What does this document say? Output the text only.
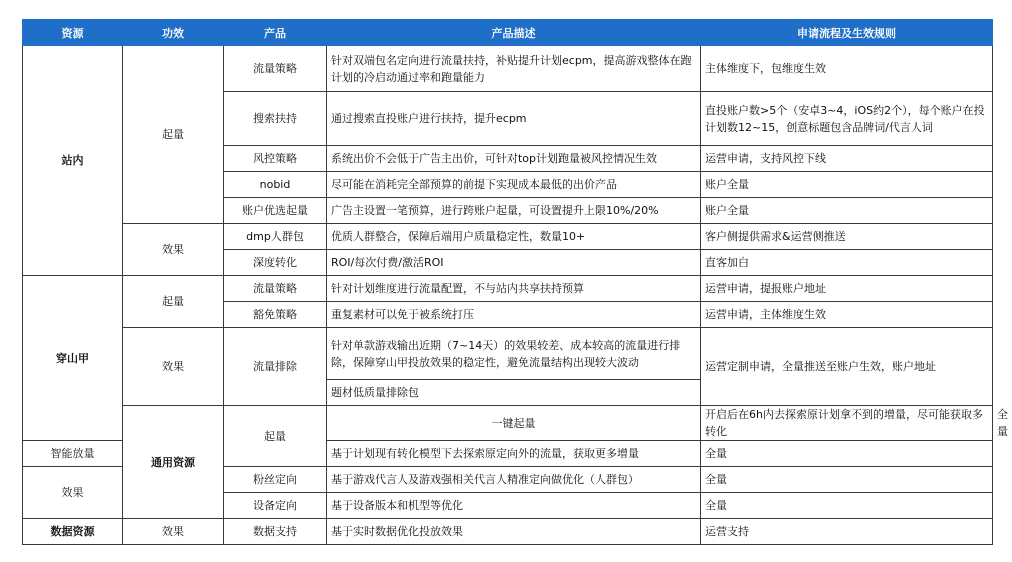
资源	功效	产品	产品描述	申请流程及生效规则	
站内	起量	流量策略	针对双端包名定向进行流量扶持，补贴提升计划ecpm，提高游戏整体在跑计划的冷启动通过率和跑量能力	主体维度下，包维度生效	
		搜索扶持	通过搜索直投账户进行扶持，提升ecpm	直投账户数>5个（安卓3~4，iOS约2个），每个账户在投计划数12~15，创意标题包含品牌词/代言人词	
		风控策略	系统出价不会低于广告主出价，可针对top计划跑量被风控情况生效	运营申请，支持风控下线	
		nobid	尽可能在消耗完全部预算的前提下实现成本最低的出价产品	账户全量	
		账户优选起量	广告主设置一笔预算，进行跨账户起量，可设置提升上限10%/20%	账户全量	
	效果	dmp人群包	优质人群整合，保障后端用户质量稳定性，数量10+	客户侧提供需求&运营侧推送	
		深度转化	ROI/每次付费/激活ROI	直客加白	
穿山甲	起量	流量策略	针对计划维度进行流量配置，不与站内共享扶持预算	运营申请，提报账户地址	
		豁免策略	重复素材可以免于被系统打压	运营申请，主体维度生效	
	效果	流量排除	针对单款游戏输出近期（7~14天）的效果较差、成本较高的流量进行排除，保障穿山甲投放效果的稳定性，避免流量结构出现较大波动	运营定制申请，全量推送至账户生效，账户地址	
			题材低质量排除包		
	通用资源	起量	一键起量	开启后在6h内去探索原计划拿不到的增量，尽可能获取多转化	全量
智能放量			基于计划现有转化模型下去探索原定向外的流量，获取更多增量	全量	
效果		粉丝定向	基于游戏代言人及游戏强相关代言人精准定向做优化（人群包）	全量	
		设备定向	基于设备版本和机型等优化	全量	
数据资源	效果	数据支持	基于实时数据优化投放效果	运营支持	
